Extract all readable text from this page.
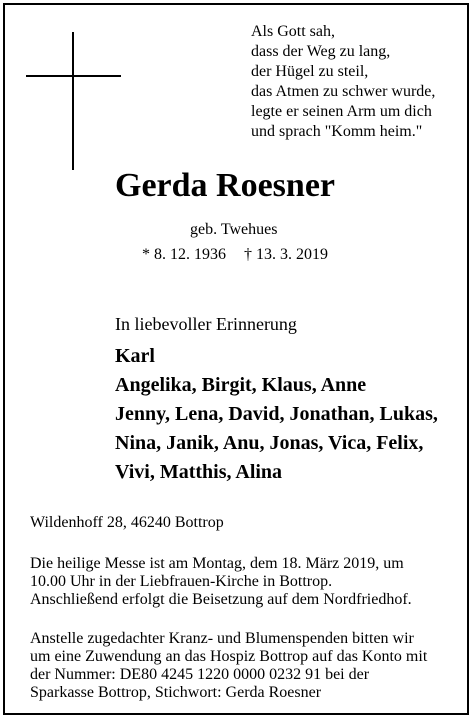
Als Gott sah,
dass der Weg zu lang,
der Hügel zu steil,
das Atmen zu schwer wurde,
legte er seinen Arm um dich
und sprach "Komm heim."
Gerda Roesner
geb. Twehues
* 8. 12. 1936 † 13. 3. 2019
In liebevoller Erinnerung
Karl
Angelika, Birgit, Klaus, Anne
Jenny, Lena, David, Jonathan, Lukas,
Nina, Janik, Anu, Jonas, Vica, Felix,
Vivi, Matthis, Alina
Wildenhoff 28, 46240 Bottrop
Die heilige Messe ist am Montag, dem 18. März 2019, um
10.00 Uhr in der Liebfrauen-Kirche in Bottrop.
Anschließend erfolgt die Beisetzung auf dem Nordfriedhof.
Anstelle zugedachter Kranz- und Blumenspenden bitten wir
um eine Zuwendung an das Hospiz Bottrop auf das Konto mit
der Nummer: DE80 4245 1220 0000 0232 91 bei der
Sparkasse Bottrop, Stichwort: Gerda Roesner
